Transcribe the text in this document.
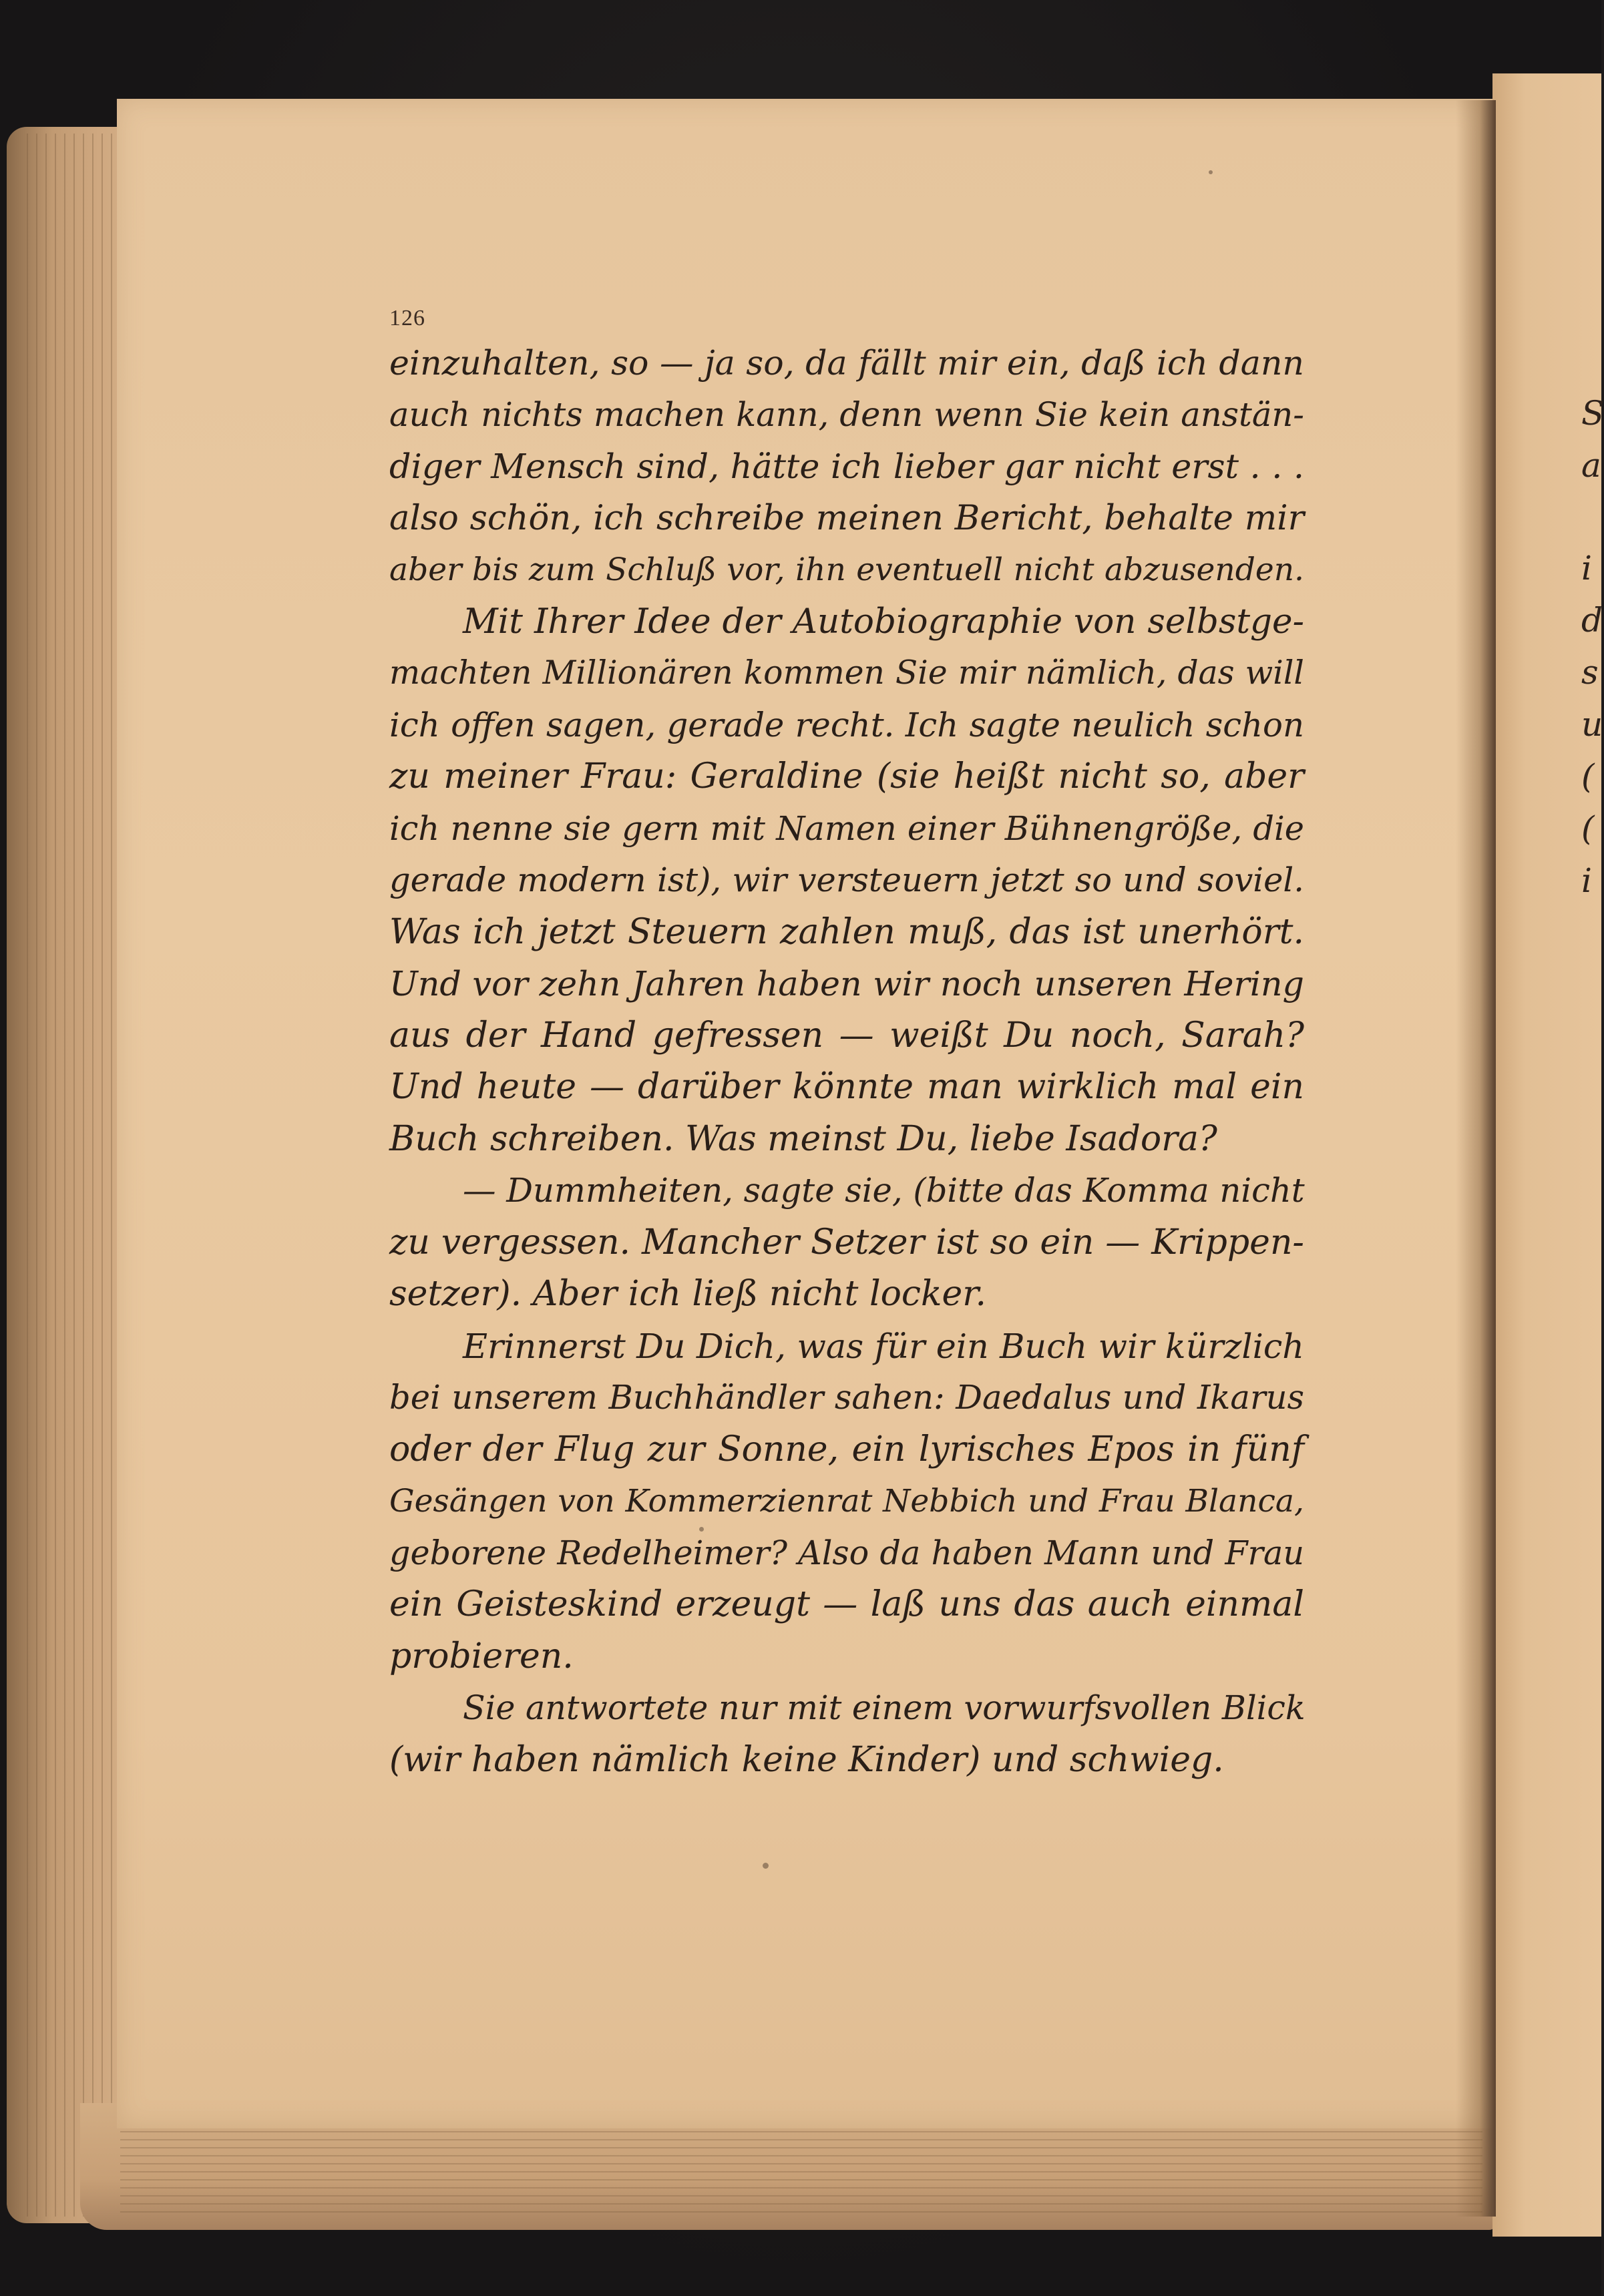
S
a
i
d
s
u
(
(
i
126
einzuhalten, so — ja so, da fällt mir ein, daß ich dann
auch nichts machen kann, denn wenn Sie kein anstän-
diger Mensch sind, hätte ich lieber gar nicht erst . . .
also schön, ich schreibe meinen Bericht, behalte mir
aber bis zum Schluß vor, ihn eventuell nicht abzusenden.
Mit Ihrer Idee der Autobiographie von selbstge-
machten Millionären kommen Sie mir nämlich, das will
ich offen sagen, gerade recht. Ich sagte neulich schon
zu meiner Frau: Geraldine (sie heißt nicht so, aber
ich nenne sie gern mit Namen einer Bühnengröße, die
gerade modern ist), wir versteuern jetzt so und soviel.
Was ich jetzt Steuern zahlen muß, das ist unerhört.
Und vor zehn Jahren haben wir noch unseren Hering
aus der Hand gefressen — weißt Du noch, Sarah?
Und heute — darüber könnte man wirklich mal ein
Buch schreiben. Was meinst Du, liebe Isadora?
— Dummheiten, sagte sie, (bitte das Komma nicht
zu vergessen. Mancher Setzer ist so ein — Krippen-
setzer). Aber ich ließ nicht locker.
Erinnerst Du Dich, was für ein Buch wir kürzlich
bei unserem Buchhändler sahen: Daedalus und Ikarus
oder der Flug zur Sonne, ein lyrisches Epos in fünf
Gesängen von Kommerzienrat Nebbich und Frau Blanca,
geborene Redelheimer? Also da haben Mann und Frau
ein Geisteskind erzeugt — laß uns das auch einmal
probieren.
Sie antwortete nur mit einem vorwurfsvollen Blick
(wir haben nämlich keine Kinder) und schwieg.
